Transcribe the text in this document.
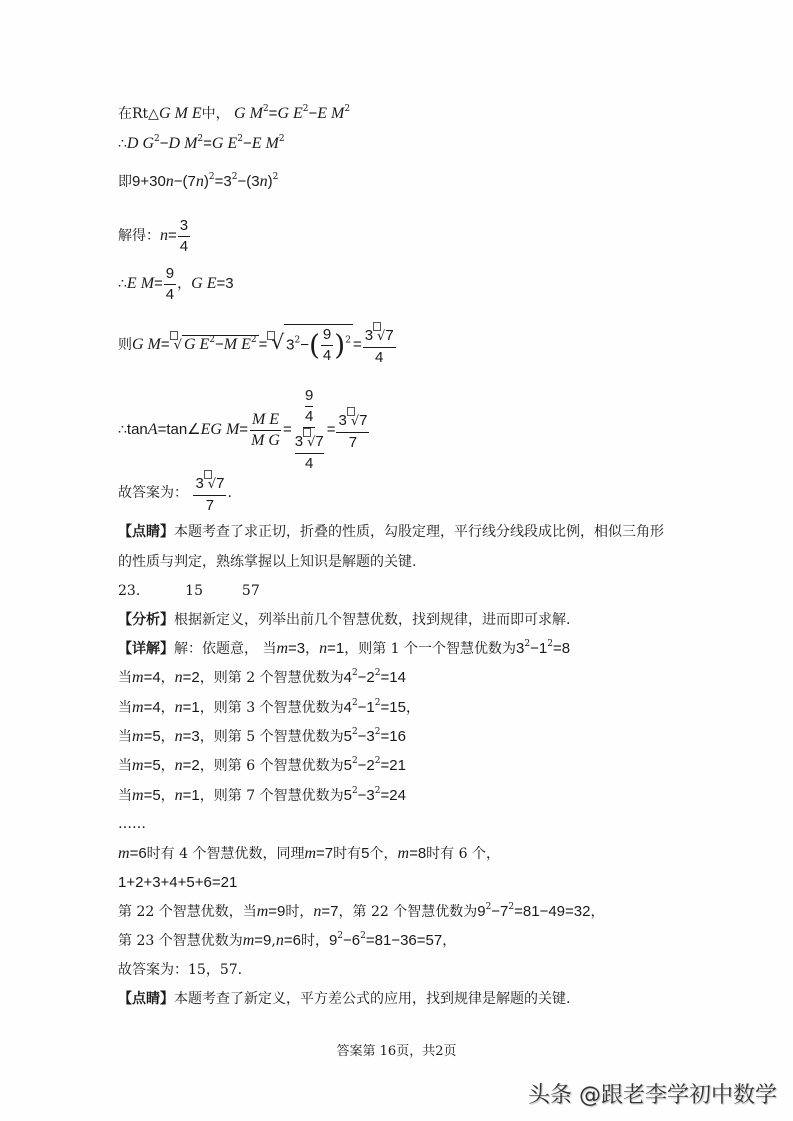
在Rt△G M E中， G $M^2=G$ $E^2-E$ $M^2$
∴D $G^2-D$ $M^2=G$ $E^2-E$ $M^2$
即$9+30n-(7n)^2=3^2-(3n)^2$
解得：$n= \frac{3}{4}$
∴E $M= \frac{9}{4}$ ，G E=3
则G M= √ G $E^2-M$ $E^2$ = √ $3^2-( \frac{9}{4} )^2 = \frac{3 √7}{4}$
∴tanA=tan∠EG $M= \frac{\text{M E}}{\text{M G}} = 9$
4
3 √7
$4 = \frac{3 √7}{7}$
故答案为： $\frac{3 √7}{7}$ .
【点睛】本题考查了求正切，折叠的性质，勾股定理，平行线分线段成比例，相似三角形
的性质与判定，熟练掌握以上知识是解题的关键.
23.	15	57
【分析】根据新定义，列举出前几个智慧优数，找到规律，进而即可求解.
【详解】解：依题意， 当m=3，n=1，则第 1 个一个智慧优数为$3^2-1^2=8$
当m=4，n=2，则第 2 个智慧优数为$4^2-2^2=14$
当m=4，n=1，则第 3 个智慧优数为$4^2-1^2=15$，
当m=5，n=3，则第 5 个智慧优数为$5^2-3^2=16$
当m=5，n=2，则第 6 个智慧优数为$5^2-2^2=21$
当m=5，n=1，则第 7 个智慧优数为$5^2-3^2=24$
……
m=6时有 4 个智慧优数，同理m=7时有5个，m=8时有 6 个，
1+2+3+4+5+6=21
第 22 个智慧优数，当m=9时，n=7，第 22 个智慧优数为$9^2-7^2=81-49=32$，
第 23 个智慧优数为m=9,n=6时，$9^2-6^2=81-36=57$，
故答案为：15，57.
【点睛】本题考查了新定义，平方差公式的应用，找到规律是解题的关键.
答案第 16页，共2页
头条 @跟老李学初中数学
